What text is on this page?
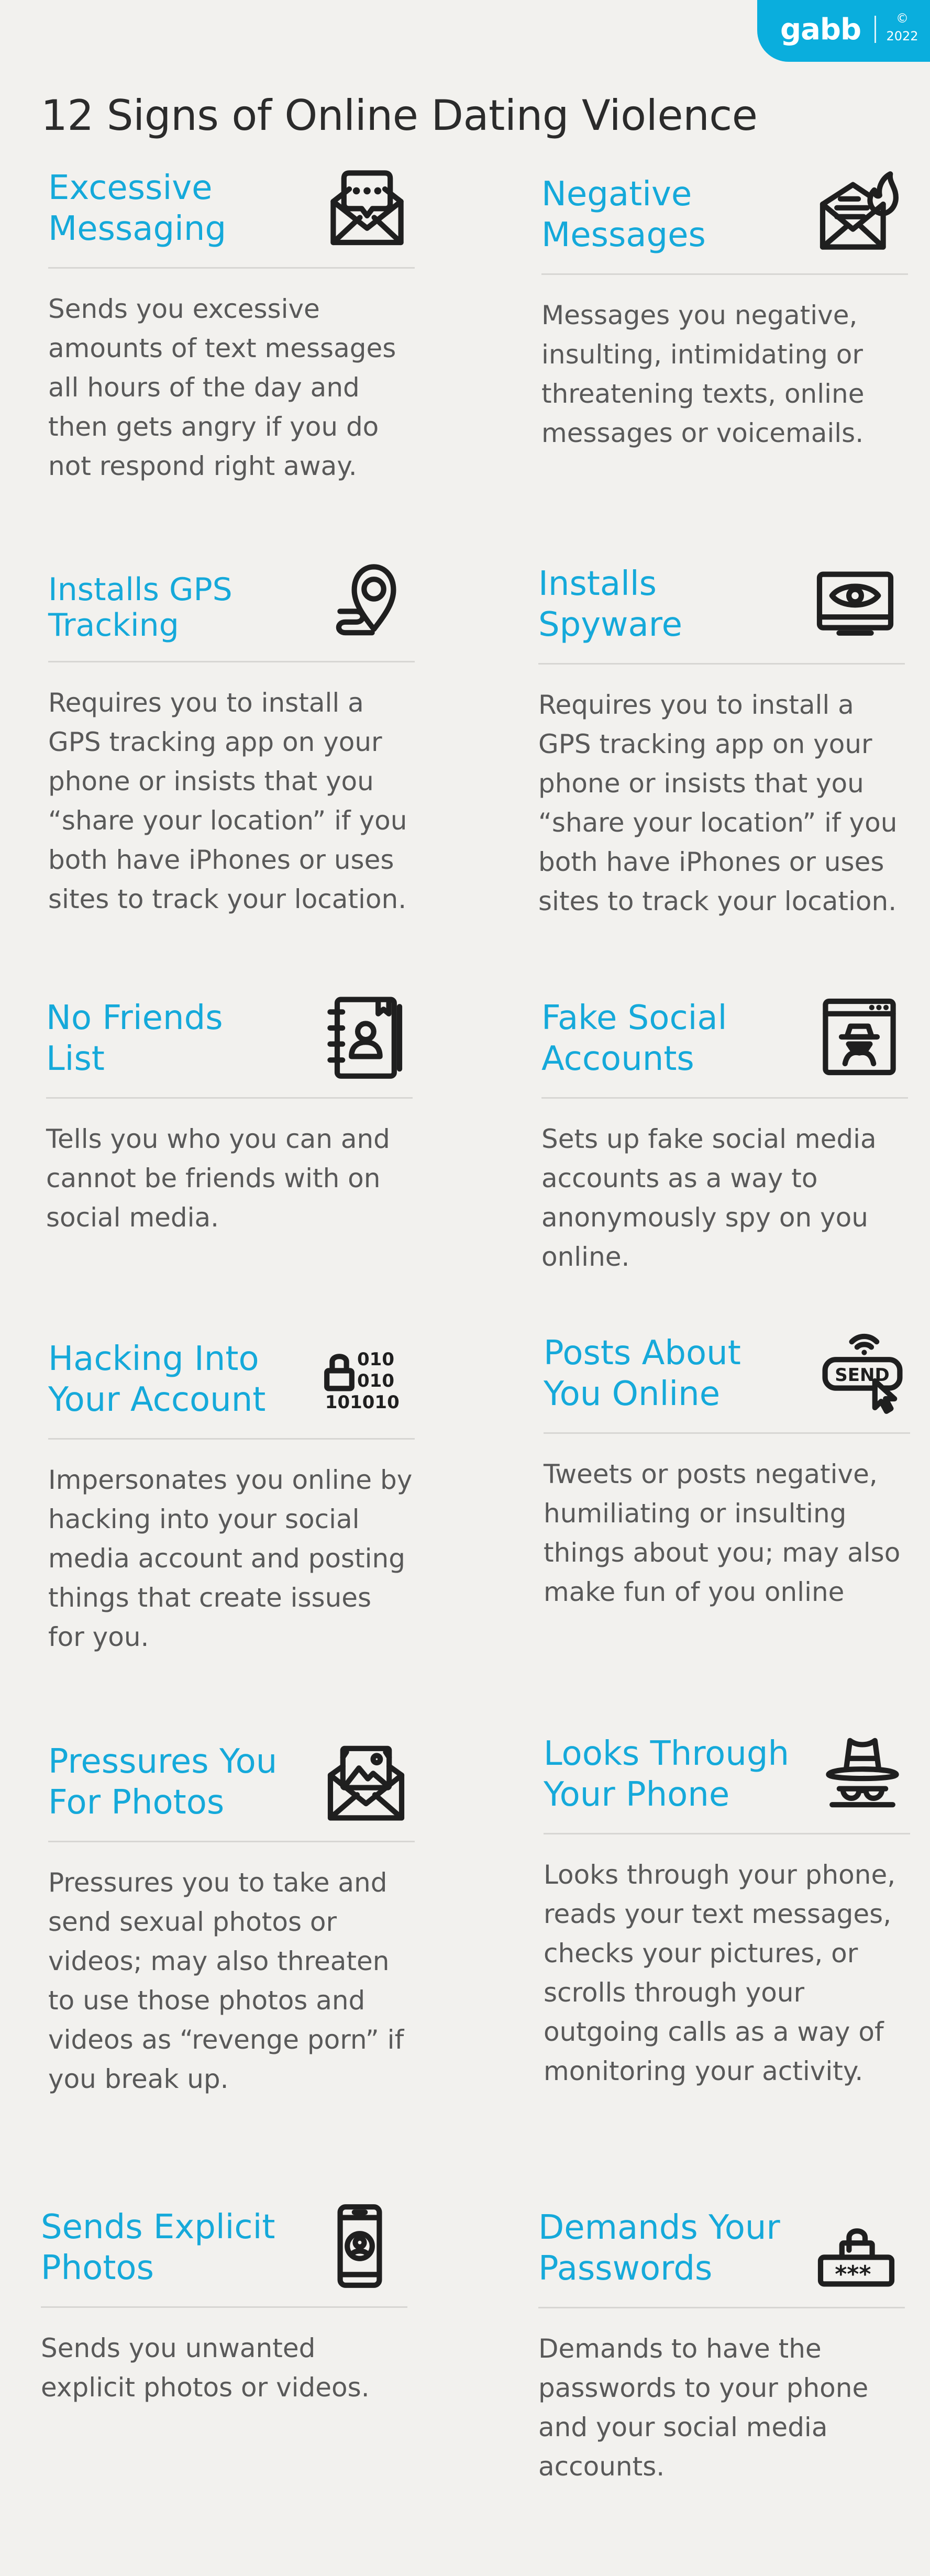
gabb	©
2022
12 Signs of Online Dating Violence
Excessive
Messaging
Sends you excessive amounts of text messages all hours of the day and then gets angry if you do not respond right away.
Negative
Messages
Messages you negative, insulting, intimidating or threatening texts, online messages or voicemails.
Installs GPS
Tracking
Requires you to install a GPS tracking app on your phone or insists that you “share your location” if you both have iPhones or uses sites to track your location.
Installs
Spyware
Requires you to install a GPS tracking app on your phone or insists that you “share your location” if you both have iPhones or uses sites to track your location.
No Friends
List
Tells you who you can and cannot be friends with on social media.
Fake Social
Accounts
Sets up fake social media accounts as a way to anonymously spy on you online.
Hacking Into
Your Account
010
010
101010
Impersonates you online by hacking into your social media account and posting things that create issues for you.
Posts About
You Online	SEND
Tweets or posts negative, humiliating or insulting things about you; may also make fun of you online
Pressures You
For Photos
Pressures you to take and send sexual photos or videos; may also threaten to use those photos and videos as “revenge porn” if you break up.
Looks Through
Your Phone
Looks through your phone, reads your text messages, checks your pictures, or scrolls through your outgoing calls as a way of monitoring your activity.
Sends Explicit
Photos
Sends you unwanted explicit photos or videos.
Demands Your
Passwords	***
Demands to have the passwords to your phone and your social media accounts.
